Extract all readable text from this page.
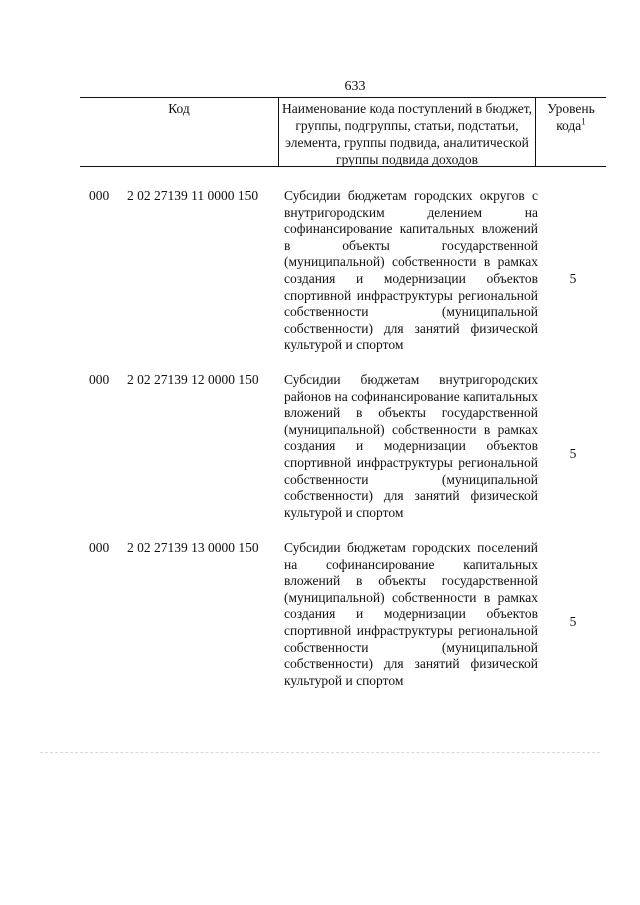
633
Код	Наименование кода поступлений в бюджет, группы, подгруппы, статьи, подстатьи, элемента, группы подвида, аналитической группы подвида доходов
Уровень кода$^1$
000 2 02 27139 11 0000 150 Субсидии бюджетам городских округов с внутригородским делением на софинансирование капитальных вложений в объекты государственной (муниципальной) собственности в рамках создания и модернизации объектов спортивной инфраструктуры региональной собственности (муниципальной собственности) для занятий физической культурой и спортом
5
000 2 02 27139 12 0000 150 Субсидии бюджетам внутригородских районов на софинансирование капитальных вложений в объекты государственной (муниципальной) собственности в рамках создания и модернизации объектов спортивной инфраструктуры региональной собственности (муниципальной собственности) для занятий физической культурой и спортом
5
000 2 02 27139 13 0000 150 Субсидии бюджетам городских поселений на софинансирование капитальных вложений в объекты государственной (муниципальной) собственности в рамках создания и модернизации объектов спортивной инфраструктуры региональной собственности (муниципальной собственности) для занятий физической культурой и спортом
5
